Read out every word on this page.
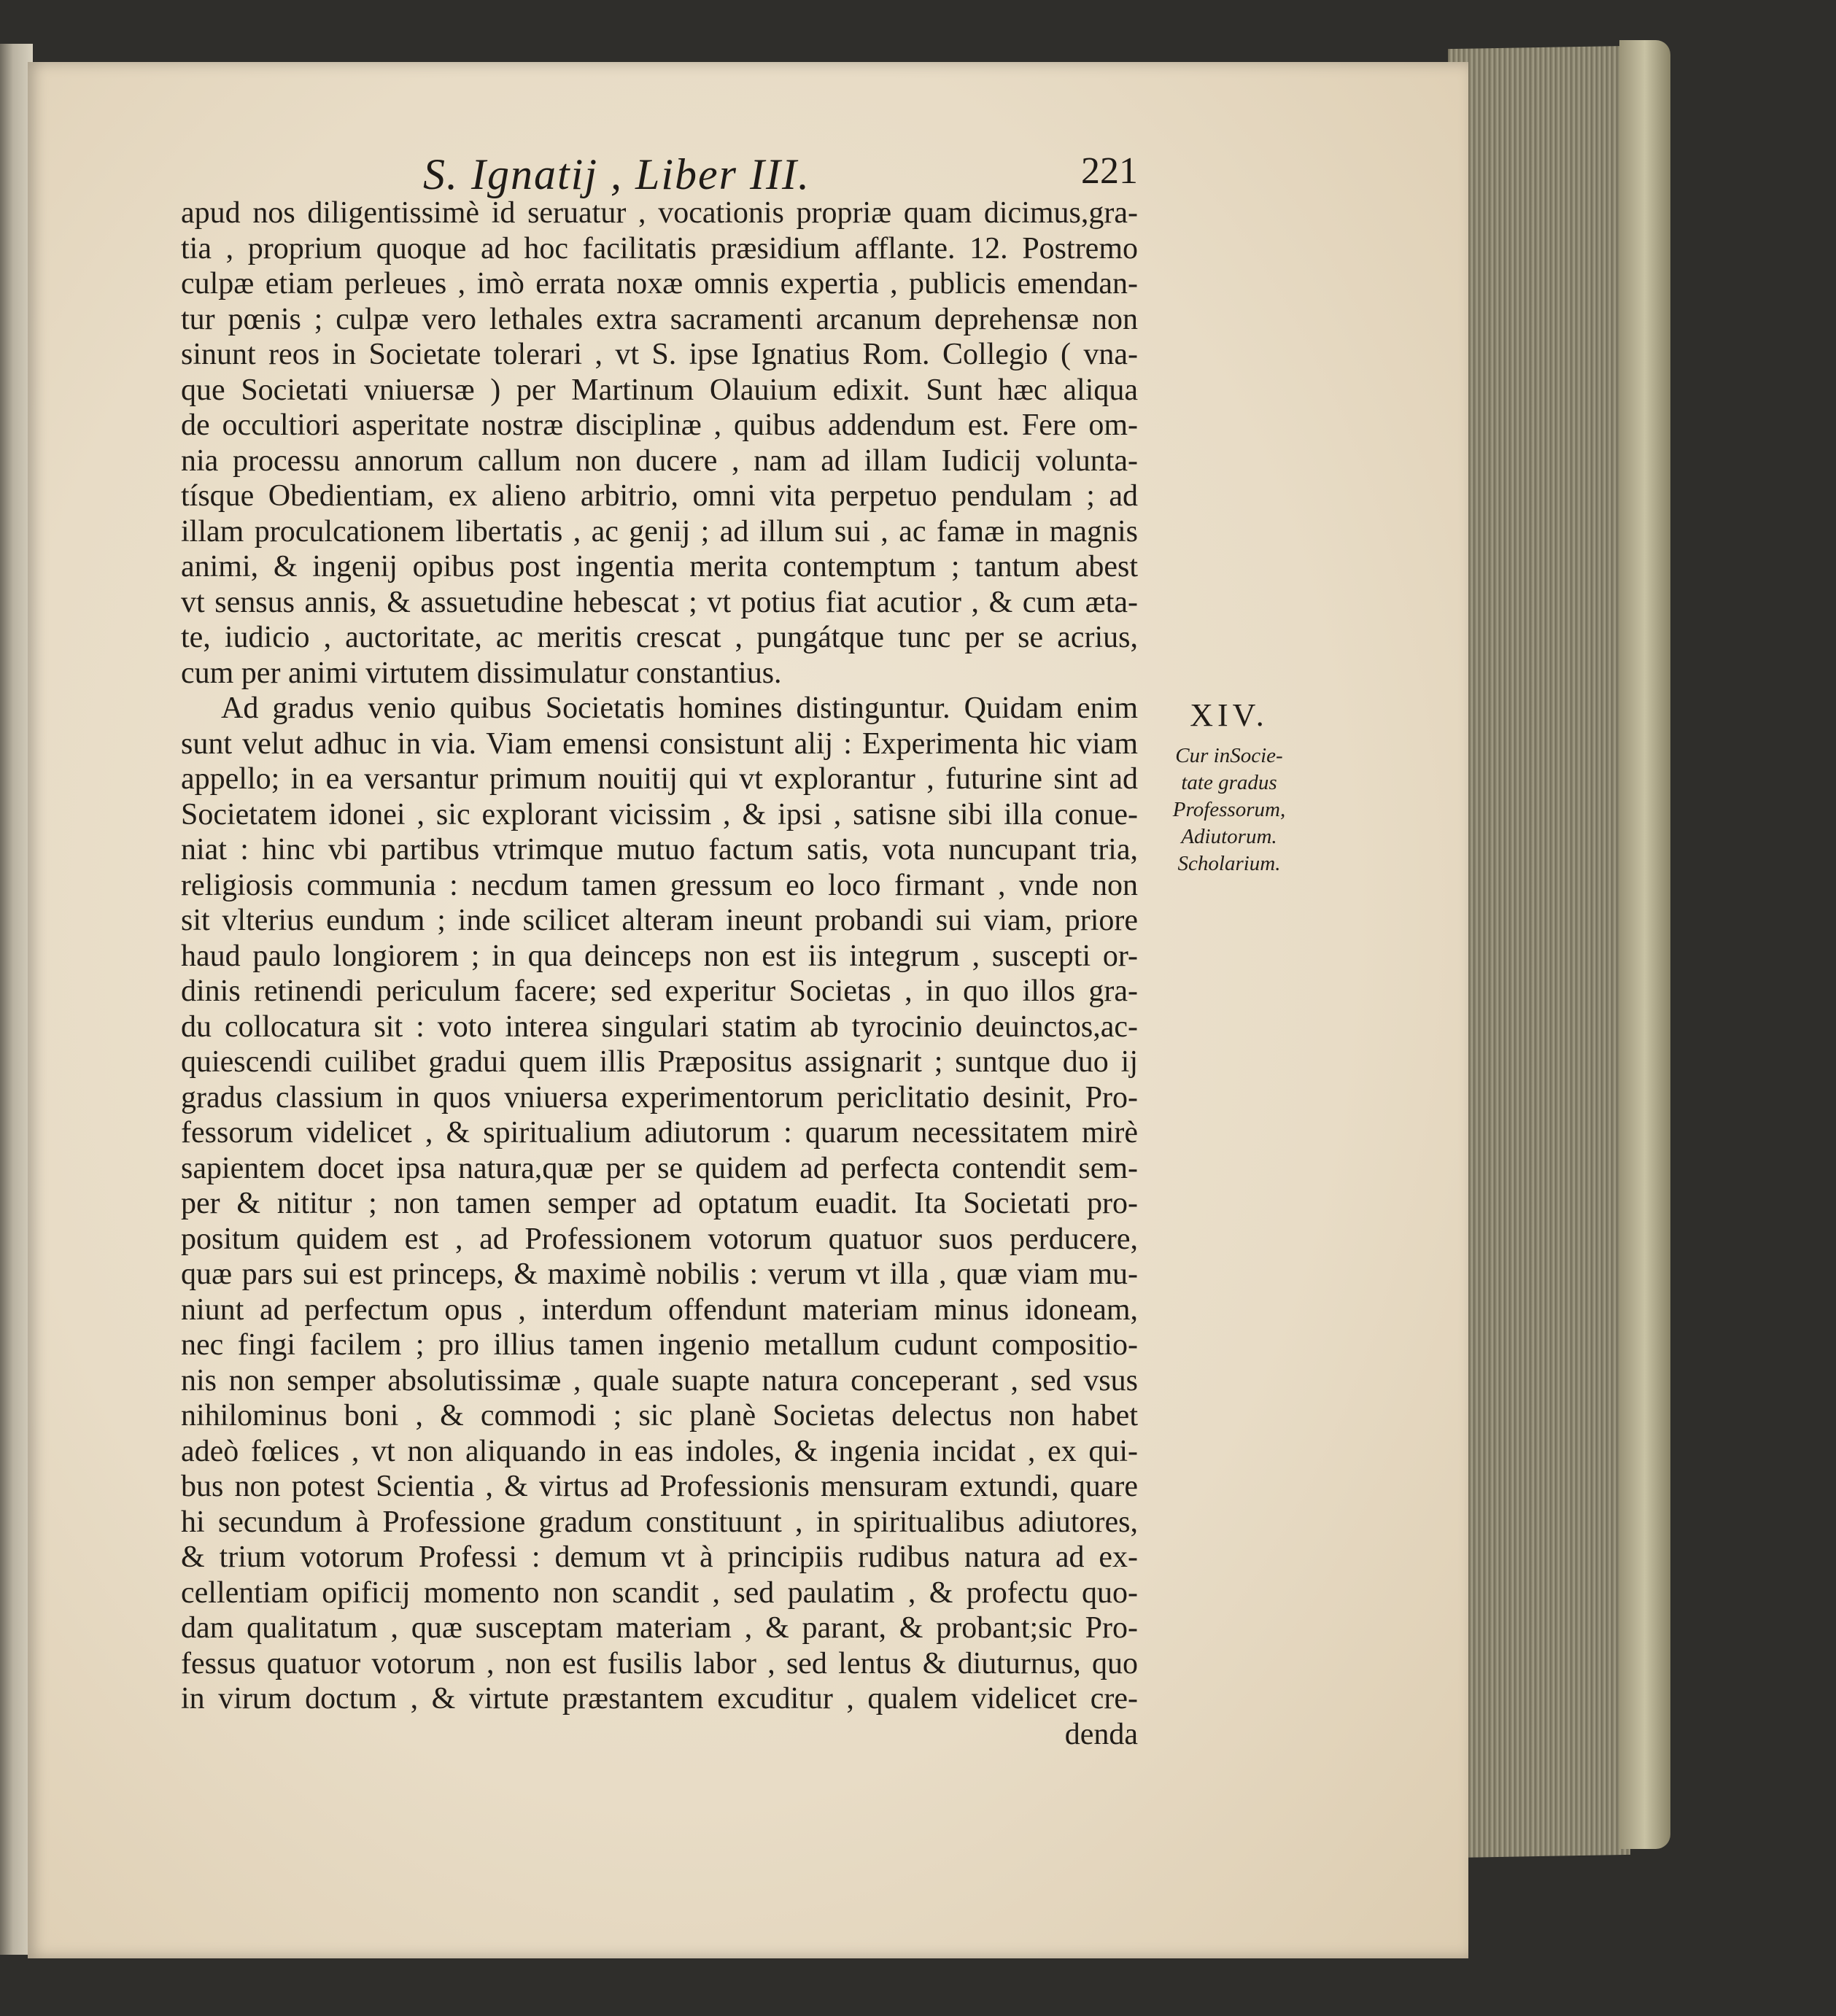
S. Ignatij , Liber III.	221
apud nos diligentissimè id seruatur , vocationis propriæ quam dicimus,gra-
tia , proprium quoque ad hoc facilitatis præsidium afflante. 12. Postremo
culpæ etiam perleues , imò errata noxæ omnis expertia , publicis emendan-
tur pœnis ; culpæ vero lethales extra sacramenti arcanum deprehensæ non
sinunt reos in Societate tolerari , vt S. ipse Ignatius Rom. Collegio ( vna-
que Societati vniuersæ ) per Martinum Olauium edixit. Sunt hæc aliqua
de occultiori asperitate nostræ disciplinæ , quibus addendum est. Fere om-
nia processu annorum callum non ducere , nam ad illam Iudicij volunta-
tísque Obedientiam, ex alieno arbitrio, omni vita perpetuo pendulam ; ad
illam proculcationem libertatis , ac genij ; ad illum sui , ac famæ in magnis
animi, & ingenij opibus post ingentia merita contemptum ; tantum abest
vt sensus annis, & assuetudine hebescat ; vt potius fiat acutior , & cum æta-
te, iudicio , auctoritate, ac meritis crescat , pungátque tunc per se acrius,
cum per animi virtutem dissimulatur constantius.
Ad gradus venio quibus Societatis homines distinguntur. Quidam enim
sunt velut adhuc in via. Viam emensi consistunt alij : Experimenta hic viam
appello; in ea versantur primum nouitij qui vt explorantur , futurine sint ad
Societatem idonei , sic explorant vicissim , & ipsi , satisne sibi illa conue-
niat : hinc vbi partibus vtrimque mutuo factum satis, vota nuncupant tria,
religiosis communia : necdum tamen gressum eo loco firmant , vnde non
sit vlterius eundum ; inde scilicet alteram ineunt probandi sui viam, priore
haud paulo longiorem ; in qua deinceps non est iis integrum , suscepti or-
dinis retinendi periculum facere; sed experitur Societas , in quo illos gra-
du collocatura sit : voto interea singulari statim ab tyrocinio deuinctos,ac-
quiescendi cuilibet gradui quem illis Præpositus assignarit ; suntque duo ij
gradus classium in quos vniuersa experimentorum periclitatio desinit, Pro-
fessorum videlicet , & spiritualium adiutorum : quarum necessitatem mirè
sapientem docet ipsa natura,quæ per se quidem ad perfecta contendit sem-
per & nititur ; non tamen semper ad optatum euadit. Ita Societati pro-
positum quidem est , ad Professionem votorum quatuor suos perducere,
quæ pars sui est princeps, & maximè nobilis : verum vt illa , quæ viam mu-
niunt ad perfectum opus , interdum offendunt materiam minus idoneam,
nec fingi facilem ; pro illius tamen ingenio metallum cudunt compositio-
nis non semper absolutissimæ , quale suapte natura conceperant , sed vsus
nihilominus boni , & commodi ; sic planè Societas delectus non habet
adeò fœlices , vt non aliquando in eas indoles, & ingenia incidat , ex qui-
bus non potest Scientia , & virtus ad Professionis mensuram extundi, quare
hi secundum à Professione gradum constituunt , in spiritualibus adiutores,
& trium votorum Professi : demum vt à principiis rudibus natura ad ex-
cellentiam opificij momento non scandit , sed paulatim , & profectu quo-
dam qualitatum , quæ susceptam materiam , & parant, & probant;sic Pro-
fessus quatuor votorum , non est fusilis labor , sed lentus & diuturnus, quo
in virum doctum , & virtute præstantem excuditur , qualem videlicet cre-
denda
XIV.
Cur inSocie-
tate gradus
Professorum,
Adiutorum.
Scholarium.
